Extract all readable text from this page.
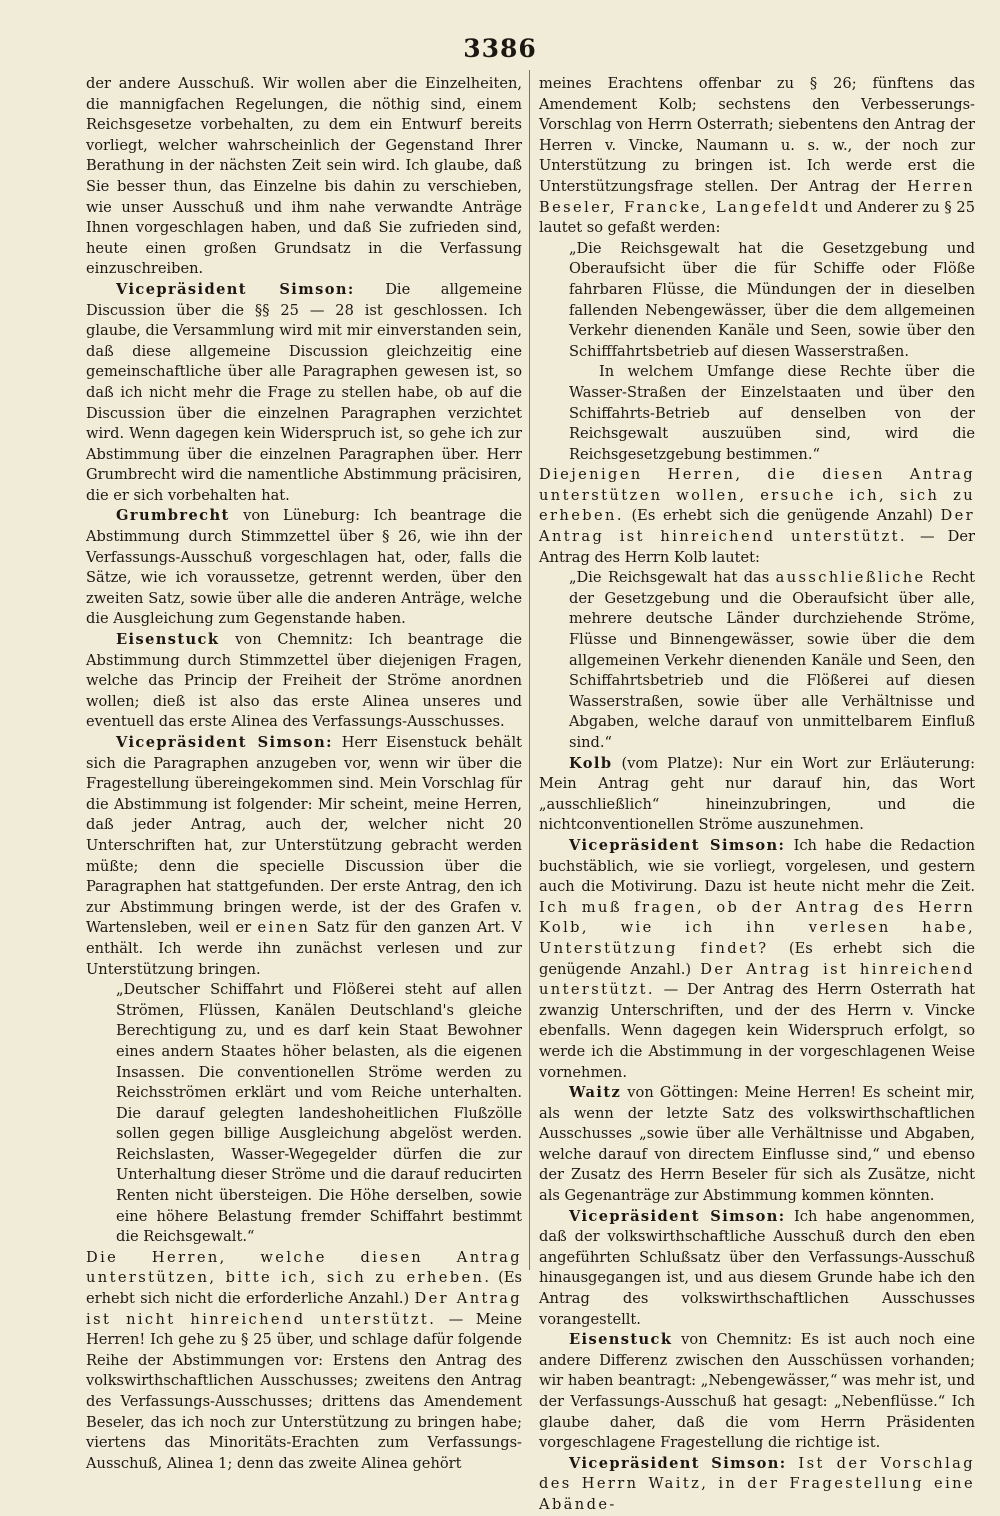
3386

der andere Ausschuß. Wir wollen aber die Einzelheiten, die mannigfachen Regelungen, die nöthig sind, einem Reichsgesetze vorbehalten, zu dem ein Entwurf bereits vorliegt, welcher wahrscheinlich der Gegenstand Ihrer Berathung in der nächsten Zeit sein wird. Ich glaube, daß Sie besser thun, das Einzelne bis dahin zu verschieben, wie unser Ausschuß und ihm nahe verwandte Anträge Ihnen vorgeschlagen haben, und daß Sie zufrieden sind, heute einen großen Grundsatz in die Verfassung einzuschreiben.

Vicepräsident Simson: Die allgemeine Discussion über die §§ 25 — 28 ist geschlossen. Ich glaube, die Versammlung wird mit mir einverstanden sein, daß diese allgemeine Discussion gleichzeitig eine gemeinschaftliche über alle Paragraphen gewesen ist, so daß ich nicht mehr die Frage zu stellen habe, ob auf die Discussion über die einzelnen Paragraphen verzichtet wird. Wenn dagegen kein Widerspruch ist, so gehe ich zur Abstimmung über die einzelnen Paragraphen über. Herr Grumbrecht wird die namentliche Abstimmung präcisiren, die er sich vorbehalten hat.

Grumbrecht von Lüneburg: Ich beantrage die Abstimmung durch Stimmzettel über § 26, wie ihn der Verfassungs-Ausschuß vorgeschlagen hat, oder, falls die Sätze, wie ich voraussetze, getrennt werden, über den zweiten Satz, sowie über alle die anderen Anträge, welche die Ausgleichung zum Gegenstande haben.

Eisenstuck von Chemnitz: Ich beantrage die Abstimmung durch Stimmzettel über diejenigen Fragen, welche das Princip der Freiheit der Ströme anordnen wollen; dieß ist also das erste Alinea unseres und eventuell das erste Alinea des Verfassungs-Ausschusses.

Vicepräsident Simson: Herr Eisenstuck behält sich die Paragraphen anzugeben vor, wenn wir über die Fragestellung übereingekommen sind. Mein Vorschlag für die Abstimmung ist folgender: Mir scheint, meine Herren, daß jeder Antrag, auch der, welcher nicht 20 Unterschriften hat, zur Unterstützung gebracht werden müßte; denn die specielle Discussion über die Paragraphen hat stattgefunden. Der erste Antrag, den ich zur Abstimmung bringen werde, ist der des Grafen v. Wartensleben, weil er einen Satz für den ganzen Art. V enthält. Ich werde ihn zunächst verlesen und zur Unterstützung bringen.

„Deutscher Schiffahrt und Flößerei steht auf allen Strömen, Flüssen, Kanälen Deutschland's gleiche Berechtigung zu, und es darf kein Staat Bewohner eines andern Staates höher belasten, als die eigenen Insassen. Die conventionellen Ströme werden zu Reichsströmen erklärt und vom Reiche unterhalten. Die darauf gelegten landeshoheitlichen Flußzölle sollen gegen billige Ausgleichung abgelöst werden. Reichslasten, Wasser-Wegegelder dürfen die zur Unterhaltung dieser Ströme und die darauf reducirten Renten nicht übersteigen. Die Höhe derselben, sowie eine höhere Belastung fremder Schiffahrt bestimmt die Reichsgewalt.“

Die Herren, welche diesen Antrag unterstützen, bitte ich, sich zu erheben. (Es erhebt sich nicht die erforderliche Anzahl.) Der Antrag ist nicht hinreichend unterstützt. — Meine Herren! Ich gehe zu § 25 über, und schlage dafür folgende Reihe der Abstimmungen vor: Erstens den Antrag des volkswirthschaftlichen Ausschusses; zweitens den Antrag des Verfassungs-Ausschusses; drittens das Amendement Beseler, das ich noch zur Unterstützung zu bringen habe; viertens das Minoritäts-Erachten zum Verfassungs-Ausschuß, Alinea 1; denn das zweite Alinea gehört

meines Erachtens offenbar zu § 26; fünftens das Amendement Kolb; sechstens den Verbesserungs-Vorschlag von Herrn Osterrath; siebentens den Antrag der Herren v. Vincke, Naumann u. s. w., der noch zur Unterstützung zu bringen ist. Ich werde erst die Unterstützungsfrage stellen. Der Antrag der Herren Beseler, Francke, Langefeldt und Anderer zu § 25 lautet so gefaßt werden:

„Die Reichsgewalt hat die Gesetzgebung und Oberaufsicht über die für Schiffe oder Flöße fahrbaren Flüsse, die Mündungen der in dieselben fallenden Nebengewässer, über die dem allgemeinen Verkehr dienenden Kanäle und Seen, sowie über den Schifffahrtsbetrieb auf diesen Wasserstraßen.

In welchem Umfange diese Rechte über die Wasser-Straßen der Einzelstaaten und über den Schiffahrts-Betrieb auf denselben von der Reichsgewalt auszuüben sind, wird die Reichsgesetzgebung bestimmen.“

Diejenigen Herren, die diesen Antrag unterstützen wollen, ersuche ich, sich zu erheben. (Es erhebt sich die genügende Anzahl) Der Antrag ist hinreichend unterstützt. — Der Antrag des Herrn Kolb lautet:

„Die Reichsgewalt hat das ausschließliche Recht der Gesetzgebung und die Oberaufsicht über alle, mehrere deutsche Länder durchziehende Ströme, Flüsse und Binnengewässer, sowie über die dem allgemeinen Verkehr dienenden Kanäle und Seen, den Schiffahrtsbetrieb und die Flößerei auf diesen Wasserstraßen, sowie über alle Verhältnisse und Abgaben, welche darauf von unmittelbarem Einfluß sind.“

Kolb (vom Platze): Nur ein Wort zur Erläuterung: Mein Antrag geht nur darauf hin, das Wort „ausschließlich“ hineinzubringen, und die nichtconventionellen Ströme auszunehmen.

Vicepräsident Simson: Ich habe die Redaction buchstäblich, wie sie vorliegt, vorgelesen, und gestern auch die Motivirung. Dazu ist heute nicht mehr die Zeit. Ich muß fragen, ob der Antrag des Herrn Kolb, wie ich ihn verlesen habe, Unterstützung findet? (Es erhebt sich die genügende Anzahl.) Der Antrag ist hinreichend unterstützt. — Der Antrag des Herrn Osterrath hat zwanzig Unterschriften, und der des Herrn v. Vincke ebenfalls. Wenn dagegen kein Widerspruch erfolgt, so werde ich die Abstimmung in der vorgeschlagenen Weise vornehmen.

Waitz von Göttingen: Meine Herren! Es scheint mir, als wenn der letzte Satz des volkswirthschaftlichen Ausschusses „sowie über alle Verhältnisse und Abgaben, welche darauf von directem Einflusse sind,“ und ebenso der Zusatz des Herrn Beseler für sich als Zusätze, nicht als Gegenanträge zur Abstimmung kommen könnten.

Vicepräsident Simson: Ich habe angenommen, daß der volkswirthschaftliche Ausschuß durch den eben angeführten Schlußsatz über den Verfassungs-Ausschuß hinausgegangen ist, und aus diesem Grunde habe ich den Antrag des volkswirthschaftlichen Ausschusses vorangestellt.

Eisenstuck von Chemnitz: Es ist auch noch eine andere Differenz zwischen den Ausschüssen vorhanden; wir haben beantragt: „Nebengewässer,“ was mehr ist, und der Verfassungs-Ausschuß hat gesagt: „Nebenflüsse.“ Ich glaube daher, daß die vom Herrn Präsidenten vorgeschlagene Fragestellung die richtige ist.

Vicepräsident Simson: Ist der Vorschlag des Herrn Waitz, in der Fragestellung eine Abände-
